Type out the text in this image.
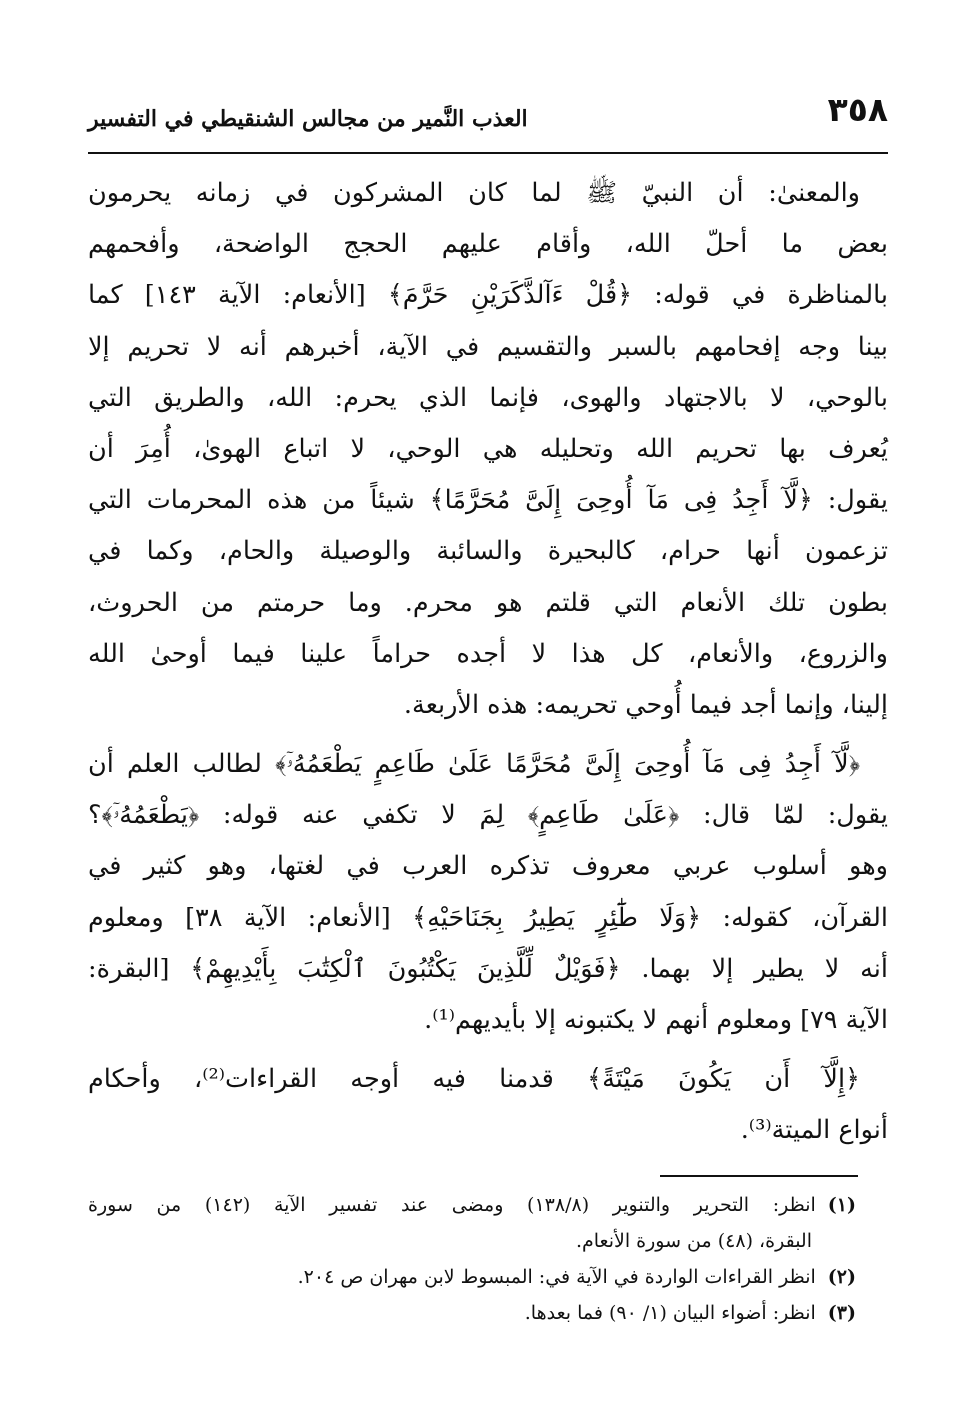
٣٥٨
العذب النَّمير من مجالس الشنقيطي في التفسير
والمعنىٰ: أن النبيّ ﷺ لما كان المشركون في زمانه يحرمون
بعض ما أحلّ الله، وأقام عليهم الحجج الواضحة، وأفحمهم
بالمناظرة في قوله: ﴿قُلْ ءَآلذَّكَرَيْنِ حَرَّمَ﴾ [الأنعام: الآية ١٤٣] كما
بينا وجه إفحامهم بالسبر والتقسيم في الآية، أخبرهم أنه لا تحريم إلا
بالوحي، لا بالاجتهاد والهوى، فإنما الذي يحرم: الله، والطريق التي
يُعرف بها تحريم الله وتحليله هي الوحي، لا اتباع الهوىٰ، أُمِرَ أن
يقول: ﴿لَّآ أَجِدُ فِى مَآ أُوحِىَ إِلَىَّ مُحَرَّمًا﴾ شيئاً من هذه المحرمات التي
تزعمون أنها حرام، كالبحيرة والسائبة والوصيلة والحام، وكما في
بطون تلك الأنعام التي قلتم هو محرم. وما حرمتم من الحروث،
والزروع، والأنعام، كل هذا لا أجده حراماً علينا فيما أوحىٰ الله
إلينا، وإنما أجد فيما أُوحي تحريمه: هذه الأربعة.
﴿لَّآ أَجِدُ فِى مَآ أُوحِىَ إِلَىَّ مُحَرَّمًا عَلَىٰ طَاعِمٍ يَطْعَمُهُۥٓ﴾ لطالب العلم أن
يقول: لمّا قال: ﴿عَلَىٰ طَاعِمٍ﴾ لِمَ لا تكفي عنه قوله: ﴿يَطْعَمُهُۥٓ﴾؟
وهو أسلوب عربي معروف تذكره العرب في لغتها، وهو كثير في
القرآن، كقوله: ﴿وَلَا طَٰٓئِرٍ يَطِيرُ بِجَنَاحَيْهِ﴾ [الأنعام: الآية ٣٨] ومعلوم
أنه لا يطير إلا بهما. ﴿فَوَيْلٌ لِّلَّذِينَ يَكْتُبُونَ ٱلْكِتَٰبَ بِأَيْدِيهِمْ﴾ [البقرة:
الآية ٧٩] ومعلوم أنهم لا يكتبونه إلا بأيديهم⁽¹⁾.
﴿إِلَّآ أَن يَكُونَ مَيْتَةً﴾ قدمنا فيه أوجه القراءات⁽²⁾، وأحكام
أنواع الميتة⁽³⁾.
(١)انظر: التحرير والتنوير (١٣٨/٨) ومضى عند تفسير الآية (١٤٢) من سورة
البقرة، (٤٨) من سورة الأنعام.
(٢)انظر القراءات الواردة في الآية في: المبسوط لابن مهران ص ٢٠٤.
(٣)انظر: أضواء البيان (١/ ٩٠) فما بعدها.
